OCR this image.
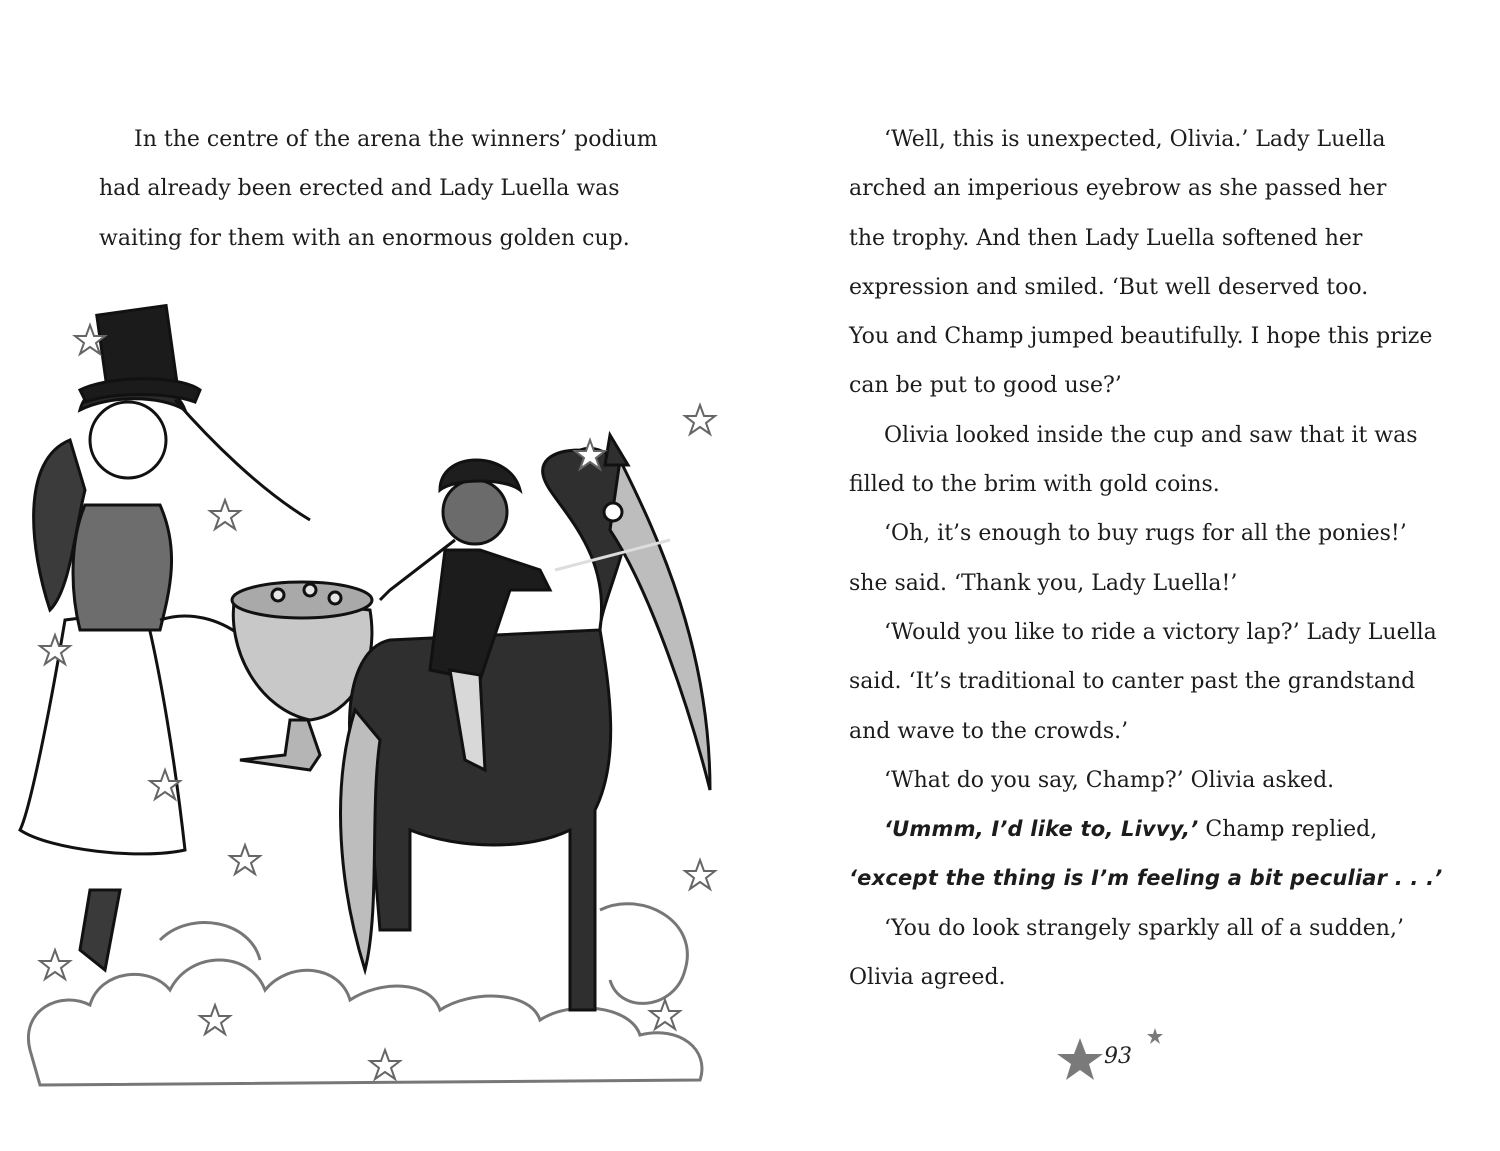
In the centre of the arena the winners’ podium
had already been erected and Lady Luella was
waiting for them with an enormous golden cup.

‘Well, this is unexpected, Olivia.’ Lady Luella
arched an imperious eyebrow as she passed her
the trophy. And then Lady Luella softened her
expression and smiled. ‘But well deserved too.
You and Champ jumped beautifully. I hope this prize
can be put to good use?’
Olivia looked inside the cup and saw that it was
filled to the brim with gold coins.
‘Oh, it’s enough to buy rugs for all the ponies!’
she said. ‘Thank you, Lady Luella!’
‘Would you like to ride a victory lap?’ Lady Luella
said. ‘It’s traditional to canter past the grandstand
and wave to the crowds.’
‘What do you say, Champ?’ Olivia asked.
‘Ummm, I’d like to, Livvy,’ Champ replied,
‘except the thing is I’m feeling a bit peculiar . . .’
‘You do look strangely sparkly all of a sudden,’
Olivia agreed.
93
